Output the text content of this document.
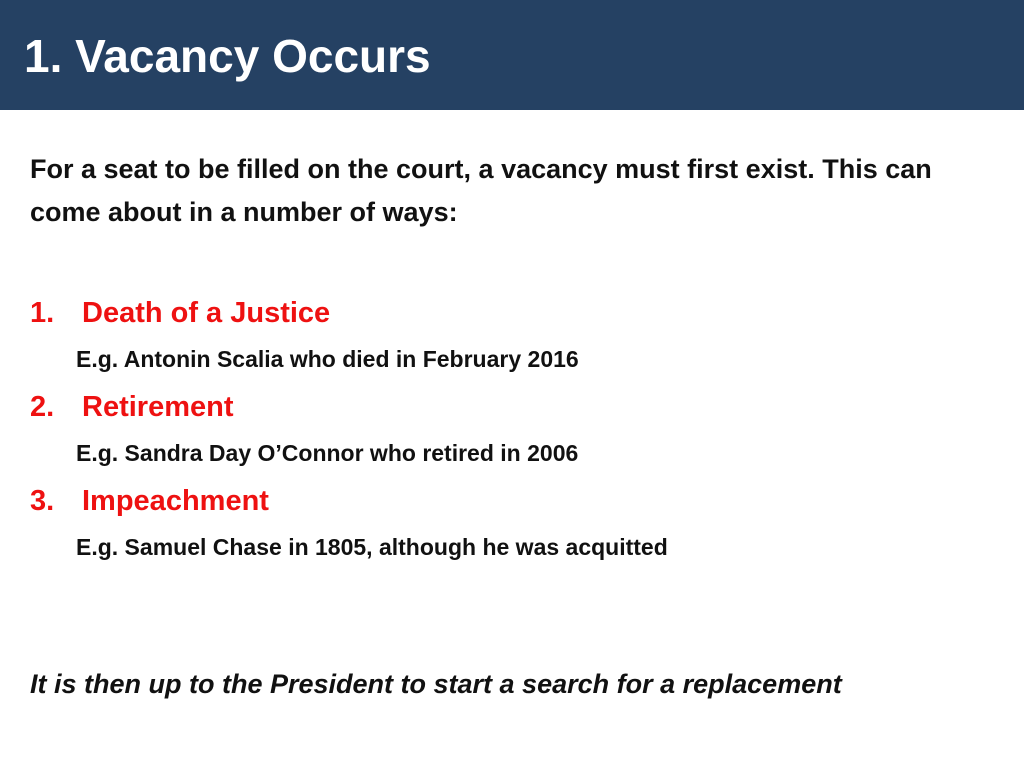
1. Vacancy Occurs
For a seat to be filled on the court, a vacancy must first exist. This can come about in a number of ways:
1. Death of a Justice
E.g. Antonin Scalia who died in February 2016
2. Retirement
E.g. Sandra Day O’Connor who retired in 2006
3. Impeachment
E.g. Samuel Chase in 1805, although he was acquitted
It is then up to the President to start a search for a replacement
